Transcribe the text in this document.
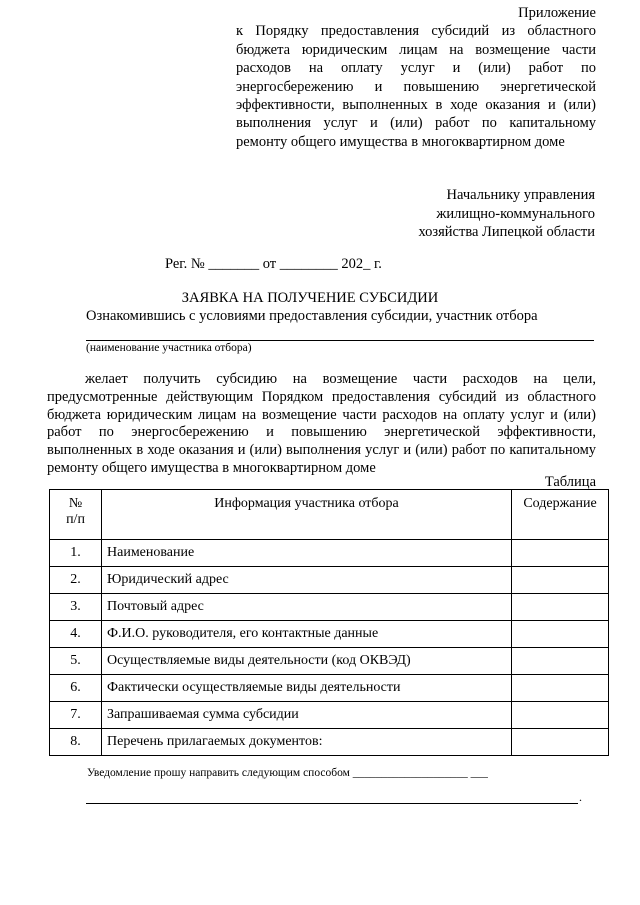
Приложение
к Порядку предоставления субсидий из областного бюджета юридическим лицам на возмещение части расходов на оплату услуг и (или) работ по энергосбережению и повышению энергетической эффективности, выполненных в ходе оказания и (или) выполнения услуг и (или) работ по капитальному ремонту общего имущества в многоквартирном доме
Начальнику управления
жилищно-коммунального
хозяйства Липецкой области
Рег. № _______ от ________ 202_ г.
ЗАЯВКА НА ПОЛУЧЕНИЕ СУБСИДИИ
Ознакомившись с условиями предоставления субсидии, участник отбора
(наименование участника отбора)
желает получить субсидию на возмещение части расходов на цели, предусмотренные действующим Порядком предоставления субсидий из областного бюджета юридическим лицам на возмещение части расходов на оплату услуг и (или) работ по энергосбережению и повышению энергетической эффективности, выполненных в ходе оказания и (или) выполнения услуг и (или) работ по капитальному ремонту общего имущества в многоквартирном доме
Таблица
№
п/п	Информация участника отбора	Содержание
1.	Наименование	
2.	Юридический адрес	
3.	Почтовый адрес	
4.	Ф.И.О. руководителя, его контактные данные	
5.	Осуществляемые виды деятельности (код ОКВЭД)	
6.	Фактически осуществляемые виды деятельности	
7.	Запрашиваемая сумма субсидии	
8.	Перечень прилагаемых документов:	
Уведомление прошу направить следующим способом ____________________ ___
.
